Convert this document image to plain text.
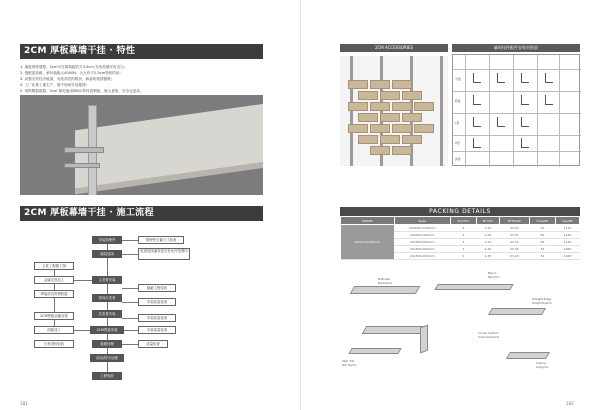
2CM 厚板幕墙干挂 · 特性
1. 墙板厚度增厚，2cm可在幕墙板的方3.5cm,壳寿其期年时近当;
2. 饱配更高耐，承环值能大4000N，大大有于2.5cm瓷砖的砖;
3. 高强冷效性冷能面，有较高性的吸折，病害防波情极吸;
4. 工厂化系工地生产，便于现场安装便捷;
5. 规格模数数数，2cm 厚吃能用MIDC仲材质钢板，施人意第，安全也更高。
2CM 厚板幕墙干挂 · 施工流程
安装预埋件
测量放线
主龙骨安装
竖向次龙骨
次龙骨安装
2CM瓷板安装
板缝处理
清洁/防污处理
工程验收
预埋件位置尺寸检查
检查放线偏差是否在允许范围内
隐蔽工程验收
安装质量检查
安装质量检查
安装质量检查
质量检查
立柱工程施工图
金属龙骨加工
焊接部位防锈防腐
2CM瓷板运输存放
面板加工
石材进场验收
181
2CM ACCESSORIES	辅料挂件配件安装对照表
平面
阳角
L型
U型
其他
PACKING DETAILS
SERIES	Sizes	Pcs/Ctn	M²/Ctn	M²/Pallet	Ctns/Plt	Kgs/Plt
Rome Sandstone	20x600x1200mm	2	1.44	43.20	30	1140
	20x600x900mm	2	1.08	43.20	40	1140
	20x450x900mm	3	1.22	43.74	36	1140
	20x300x600mm	7	1.26	45.36	36	1060
	20x300x900mm	5	1.35	43.20	32	1040
Bullnose
Bullnose/mm
Macro
Macro/mm
Straight Edge
Straight Edge/mm
Corner Section
Corner Section/mm
Stair Tile
Stair Tile/mm	Coping
Coping/mm
182
